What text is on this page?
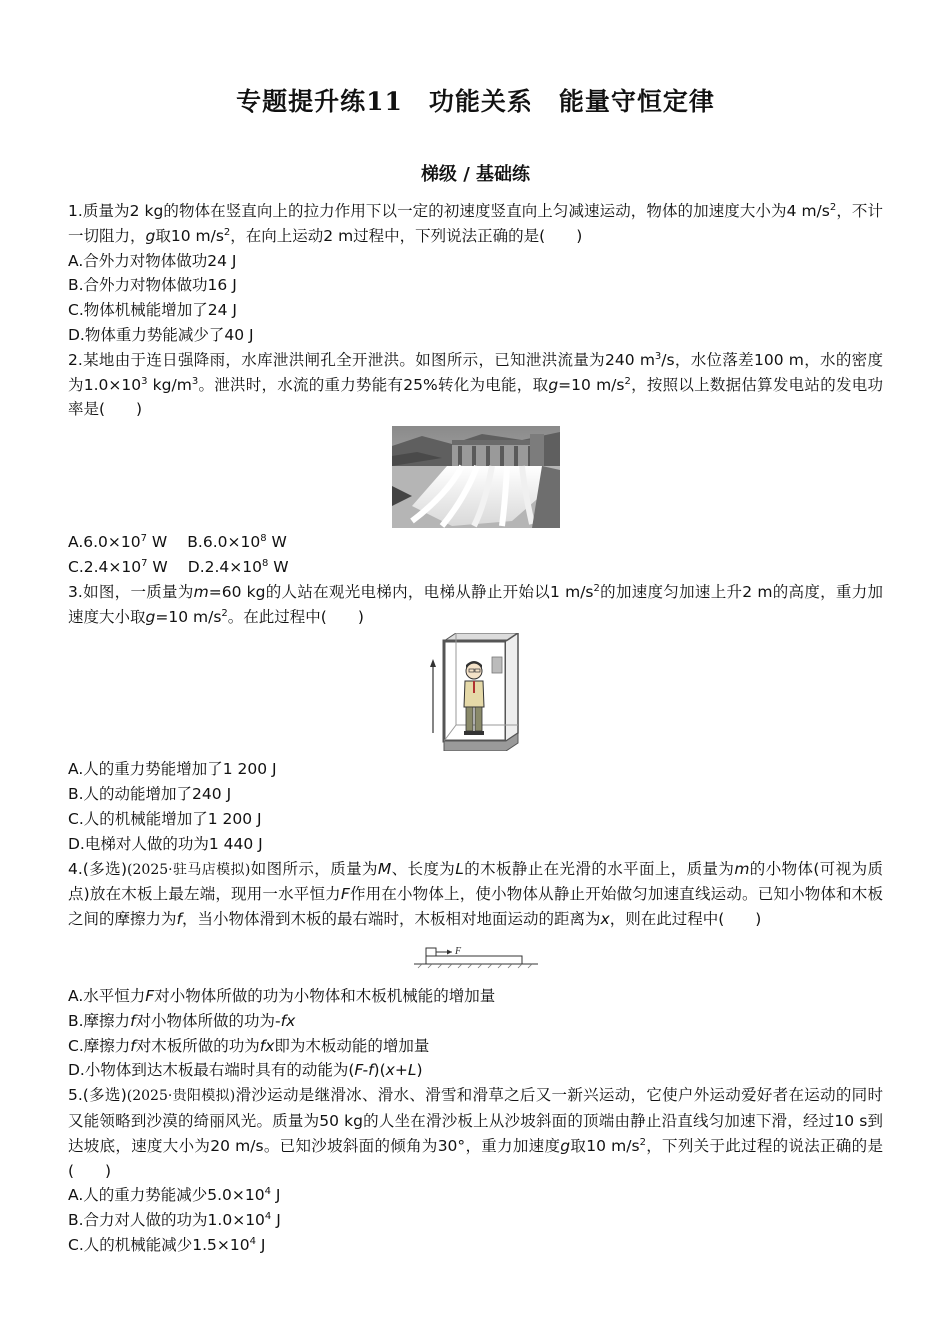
专题提升练11　功能关系　能量守恒定律
梯级 / 基础练
1.质量为2 kg的物体在竖直向上的拉力作用下以一定的初速度竖直向上匀减速运动，物体的加速度大小为4 $m/s^2$，不计一切阻力，g取10 $m/s^2$，在向上运动2 m过程中，下列说法正确的是(　　)
A.合外力对物体做功24 J
B.合外力对物体做功16 J
C.物体机械能增加了24 J
D.物体重力势能减少了40 J
2.某地由于连日强降雨，水库泄洪闸孔全开泄洪。如图所示，已知泄洪流量为240 $m^3/s$，水位落差100 m，水的密度为$1.0\times 10^3$ $kg/m^3$。泄洪时，水流的重力势能有25%转化为电能，取g=10 $m/s^2$，按照以上数据估算发电站的发电功率是(　　)
$A.6.0\times 10^7$ W $B.6.0\times 10^8$ W
$C.2.4\times 10^7$ W $D.2.4\times 10^8$ W
3.如图，一质量为m=60 kg的人站在观光电梯内，电梯从静止开始以1 $m/s^2$的加速度匀加速上升2 m的高度，重力加速度大小取g=10 $m/s^2$。在此过程中(　　)
A.人的重力势能增加了1 200 J
B.人的动能增加了240 J
C.人的机械能增加了1 200 J
D.电梯对人做的功为1 440 J
4.(多选)(2025·驻马店模拟)如图所示，质量为M、长度为L的木板静止在光滑的水平面上，质量为m的小物体(可视为质点)放在木板上最左端，现用一水平恒力F作用在小物体上，使小物体从静止开始做匀加速直线运动。已知小物体和木板之间的摩擦力为f，当小物体滑到木板的最右端时，木板相对地面运动的距离为x，则在此过程中(　　)
F
A.水平恒力F对小物体所做的功为小物体和木板机械能的增加量
B.摩擦力f对小物体所做的功为-fx
C.摩擦力f对木板所做的功为fx即为木板动能的增加量
D.小物体到达木板最右端时具有的动能为(F-f)(x+L)
5.(多选)(2025·贵阳模拟)滑沙运动是继滑冰、滑水、滑雪和滑草之后又一新兴运动，它使户外运动爱好者在运动的同时又能领略到沙漠的绮丽风光。质量为50 kg的人坐在滑沙板上从沙坡斜面的顶端由静止沿直线匀加速下滑，经过10 s到达坡底，速度大小为20 m/s。已知沙坡斜面的倾角为30°，重力加速度g取10 $m/s^2$，下列关于此过程的说法正确的是(　　)
A.人的重力势能减少$5.0\times 10^4$ J
B.合力对人做的功为$1.0\times 10^4$ J
C.人的机械能减少$1.5\times 10^4$ J
